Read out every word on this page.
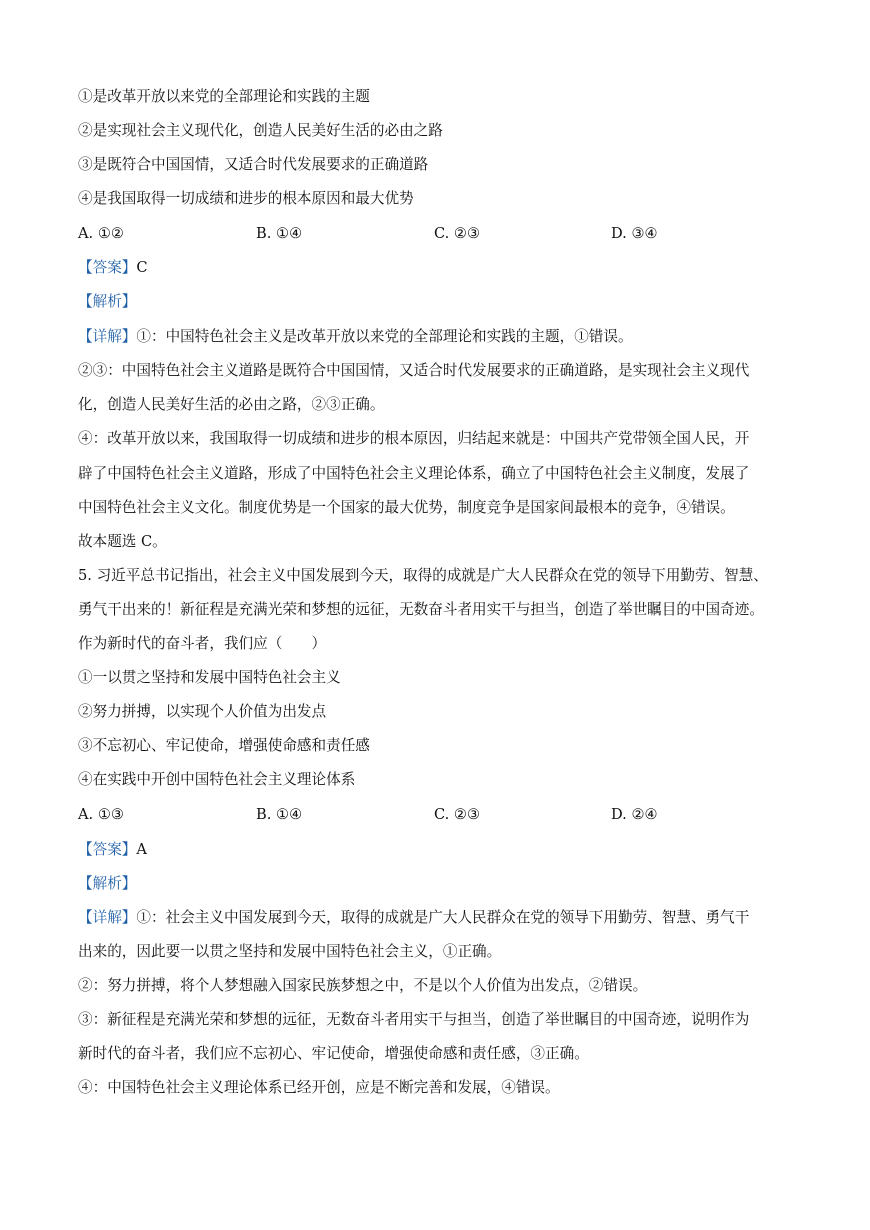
①是改革开放以来党的全部理论和实践的主题
②是实现社会主义现代化，创造人民美好生活的必由之路
③是既符合中国国情，又适合时代发展要求的正确道路
④是我国取得一切成绩和进步的根本原因和最大优势
A. ①②	B. ①④	C. ②③	D. ③④
【答案】C
【解析】
【详解】①：中国特色社会主义是改革开放以来党的全部理论和实践的主题，①错误。
②③：中国特色社会主义道路是既符合中国国情，又适合时代发展要求的正确道路，是实现社会主义现代
化，创造人民美好生活的必由之路，②③正确。
④：改革开放以来，我国取得一切成绩和进步的根本原因，归结起来就是：中国共产党带领全国人民，开
辟了中国特色社会主义道路，形成了中国特色社会主义理论体系，确立了中国特色社会主义制度，发展了
中国特色社会主义文化。制度优势是一个国家的最大优势，制度竞争是国家间最根本的竞争，④错误。
故本题选 C。
5. 习近平总书记指出，社会主义中国发展到今天，取得的成就是广大人民群众在党的领导下用勤劳、智慧、
勇气干出来的！新征程是充满光荣和梦想的远征，无数奋斗者用实干与担当，创造了举世瞩目的中国奇迹。
作为新时代的奋斗者，我们应（　　）
①一以贯之坚持和发展中国特色社会主义
②努力拼搏，以实现个人价值为出发点
③不忘初心、牢记使命，增强使命感和责任感
④在实践中开创中国特色社会主义理论体系
A. ①③	B. ①④	C. ②③	D. ②④
【答案】A
【解析】
【详解】①：社会主义中国发展到今天，取得的成就是广大人民群众在党的领导下用勤劳、智慧、勇气干
出来的，因此要一以贯之坚持和发展中国特色社会主义，①正确。
②：努力拼搏，将个人梦想融入国家民族梦想之中，不是以个人价值为出发点，②错误。
③：新征程是充满光荣和梦想的远征，无数奋斗者用实干与担当，创造了举世瞩目的中国奇迹，说明作为
新时代的奋斗者，我们应不忘初心、牢记使命，增强使命感和责任感，③正确。
④：中国特色社会主义理论体系已经开创，应是不断完善和发展，④错误。
